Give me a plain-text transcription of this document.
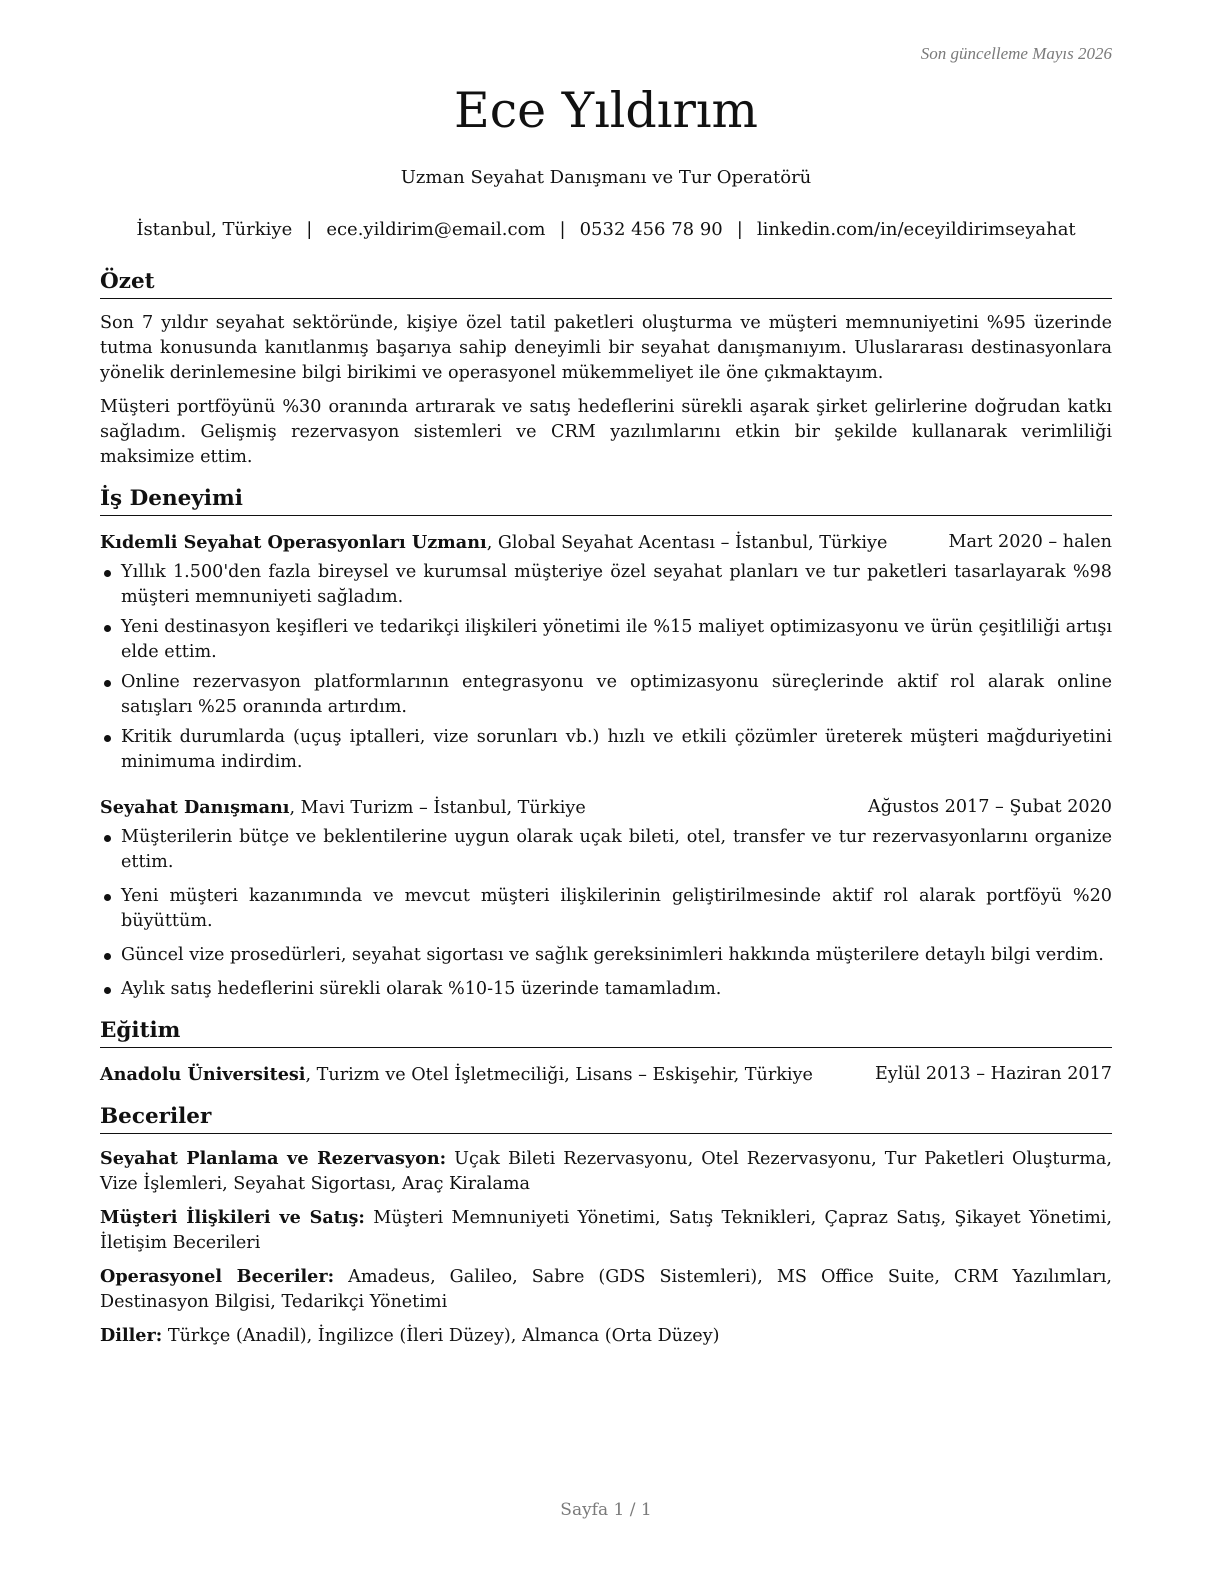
Son güncelleme Mayıs 2026
Ece Yıldırım
Uzman Seyahat Danışmanı ve Tur Operatörü
İstanbul, Türkiye | ece.yildirim@email.com | 0532 456 78 90 | linkedin.com/in/eceyildirimseyahat
Özet

Son 7 yıldır seyahat sektöründe, kişiye özel tatil paketleri oluşturma ve müşteri memnuniyetini %95 üzerinde tutma konusunda kanıtlanmış başarıya sahip deneyimli bir seyahat danışmanıyım. Uluslararası destinasyonlara yönelik derinlemesine bilgi birikimi ve operasyonel mükemmeliyet ile öne çıkmaktayım.

Müşteri portföyünü %30 oranında artırarak ve satış hedeflerini sürekli aşarak şirket gelirlerine doğrudan katkı sağladım. Gelişmiş rezervasyon sistemleri ve CRM yazılımlarını etkin bir şekilde kullanarak verimliliği maksimize ettim.

İş Deneyimi
Kıdemli Seyahat Operasyonları Uzmanı, Global Seyahat Acentası – İstanbul, Türkiye	Mart 2020 – halen
Yıllık 1.500'den fazla bireysel ve kurumsal müşteriye özel seyahat planları ve tur paketleri tasarlayarak %98 müşteri memnuniyeti sağladım.
Yeni destinasyon keşifleri ve tedarikçi ilişkileri yönetimi ile %15 maliyet optimizasyonu ve ürün çeşitliliği artışı elde ettim.
Online rezervasyon platformlarının entegrasyonu ve optimizasyonu süreçlerinde aktif rol alarak online satışları %25 oranında artırdım.
Kritik durumlarda (uçuş iptalleri, vize sorunları vb.) hızlı ve etkili çözümler üreterek müşteri mağduriyetini minimuma indirdim.
Seyahat Danışmanı, Mavi Turizm – İstanbul, Türkiye	Ağustos 2017 – Şubat 2020
Müşterilerin bütçe ve beklentilerine uygun olarak uçak bileti, otel, transfer ve tur rezervasyonlarını organize ettim.
Yeni müşteri kazanımında ve mevcut müşteri ilişkilerinin geliştirilmesinde aktif rol alarak portföyü %20 büyüttüm.
Güncel vize prosedürleri, seyahat sigortası ve sağlık gereksinimleri hakkında müşterilere detaylı bilgi verdim.
Aylık satış hedeflerini sürekli olarak %10-15 üzerinde tamamladım.
Eğitim
Anadolu Üniversitesi, Turizm ve Otel İşletmeciliği, Lisans – Eskişehir, Türkiye	Eylül 2013 – Haziran 2017
Beceriler

Seyahat Planlama ve Rezervasyon: Uçak Bileti Rezervasyonu, Otel Rezervasyonu, Tur Paketleri Oluşturma, Vize İşlemleri, Seyahat Sigortası, Araç Kiralama

Müşteri İlişkileri ve Satış: Müşteri Memnuniyeti Yönetimi, Satış Teknikleri, Çapraz Satış, Şikayet Yönetimi, İletişim Becerileri

Operasyonel Beceriler: Amadeus, Galileo, Sabre (GDS Sistemleri), MS Office Suite, CRM Yazılımları, Destinasyon Bilgisi, Tedarikçi Yönetimi

Diller: Türkçe (Anadil), İngilizce (İleri Düzey), Almanca (Orta Düzey)

Sayfa 1 / 1
